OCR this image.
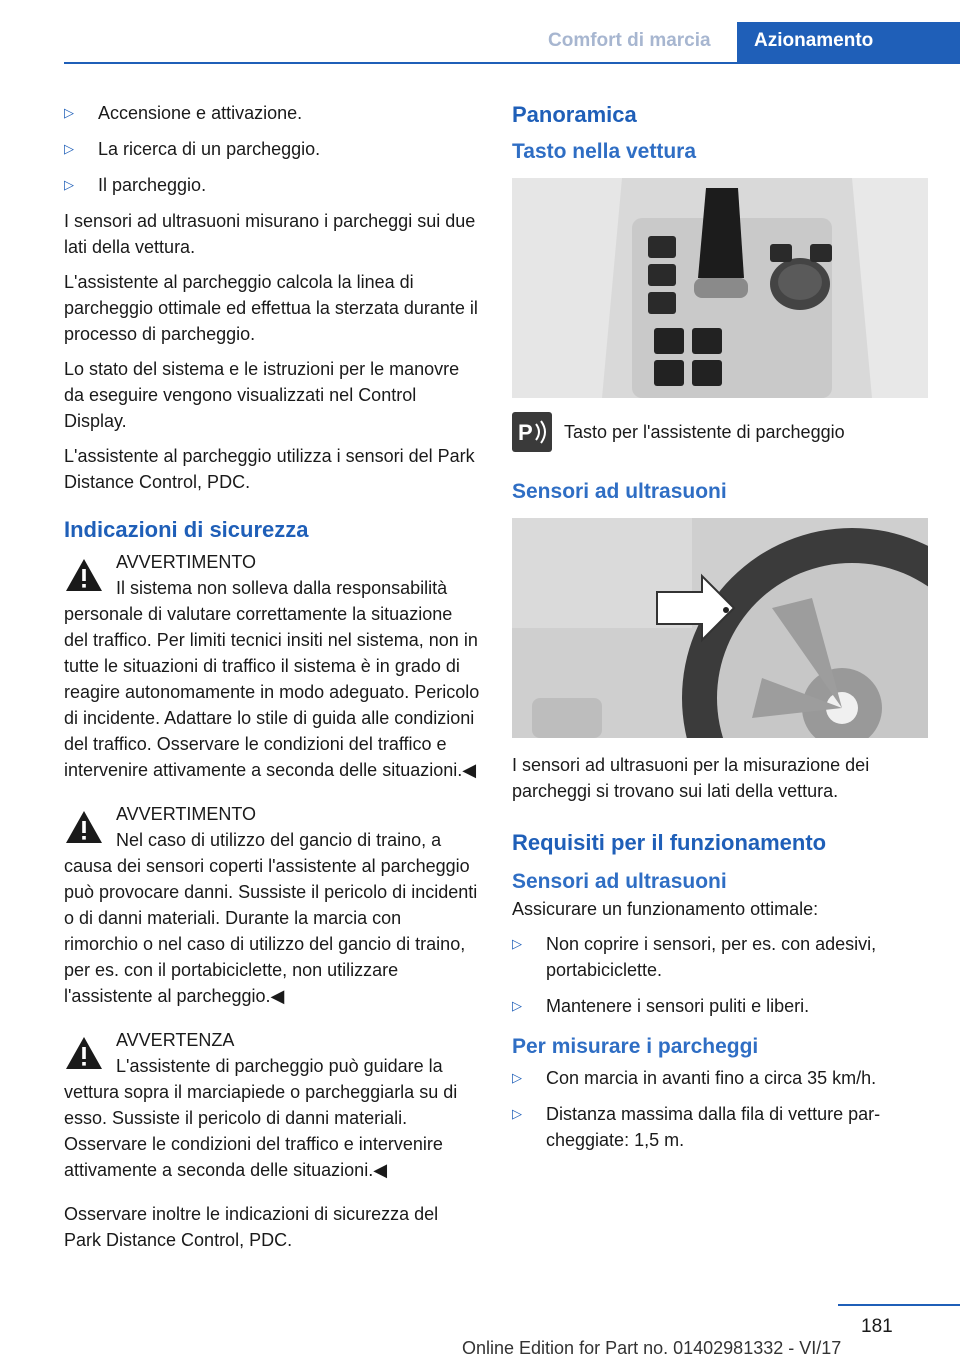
Comfort di marcia	Azionamento
▷	Accensione e attivazione.
▷	La ricerca di un parcheggio.
▷	Il parcheggio.

I sensori ad ultrasuoni misurano i parcheggi sui due lati della vettura.

L'assistente al parcheggio calcola la linea di parcheggio ottimale ed effettua la sterzata durante il processo di parcheggio.

Lo stato del sistema e le istruzioni per le manovre da eseguire vengono visualizzati nel Control Display.

L'assistente al parcheggio utilizza i sensori del Park Distance Control, PDC.

Indicazioni di sicurezza
AVVERTIMENTO
Il sistema non solleva dalla responsabilità
personale di valutare correttamente la situazione del traffico. Per limiti tecnici insiti nel sistema, non in tutte le situazioni di traffico il sistema è in grado di reagire autonomamente in modo adeguato. Pericolo di incidente. Adattare lo stile di guida alle condizioni del traffico. Osservare le condizioni del traffico e intervenire attivamente a seconda delle situazioni.◀
AVVERTIMENTO
Nel caso di utilizzo del gancio di traino, a
causa dei sensori coperti l'assistente al parcheggio può provocare danni. Sussiste il pericolo di incidenti o di danni materiali. Durante la marcia con rimorchio o nel caso di utilizzo del gancio di traino, per es. con il portabiciclette, non utilizzare l'assistente al parcheggio.◀
AVVERTENZA
L'assistente di parcheggio può guidare la
vettura sopra il marciapiede o parcheggiarla su di esso. Sussiste il pericolo di danni materiali. Osservare le condizioni del traffico e intervenire attivamente a seconda delle situazioni.◀

Osservare inoltre le indicazioni di sicurezza del Park Distance Control, PDC.

Panoramica
Tasto nella vettura
P Tasto per l'assistente di parcheggio
Sensori ad ultrasuoni

I sensori ad ultrasuoni per la misurazione dei parcheggi si trovano sui lati della vettura.

Requisiti per il funzionamento
Sensori ad ultrasuoni

Assicurare un funzionamento ottimale:

▷	Non coprire i sensori, per es. con adesivi, portabiciclette.
▷	Mantenere i sensori puliti e liberi.
Per misurare i parcheggi
▷	Con marcia in avanti fino a circa 35 km/h.
▷	Distanza massima dalla fila di vetture parcheggiate: 1,5 m.
181
Online Edition for Part no. 01402981332 - VI/17
